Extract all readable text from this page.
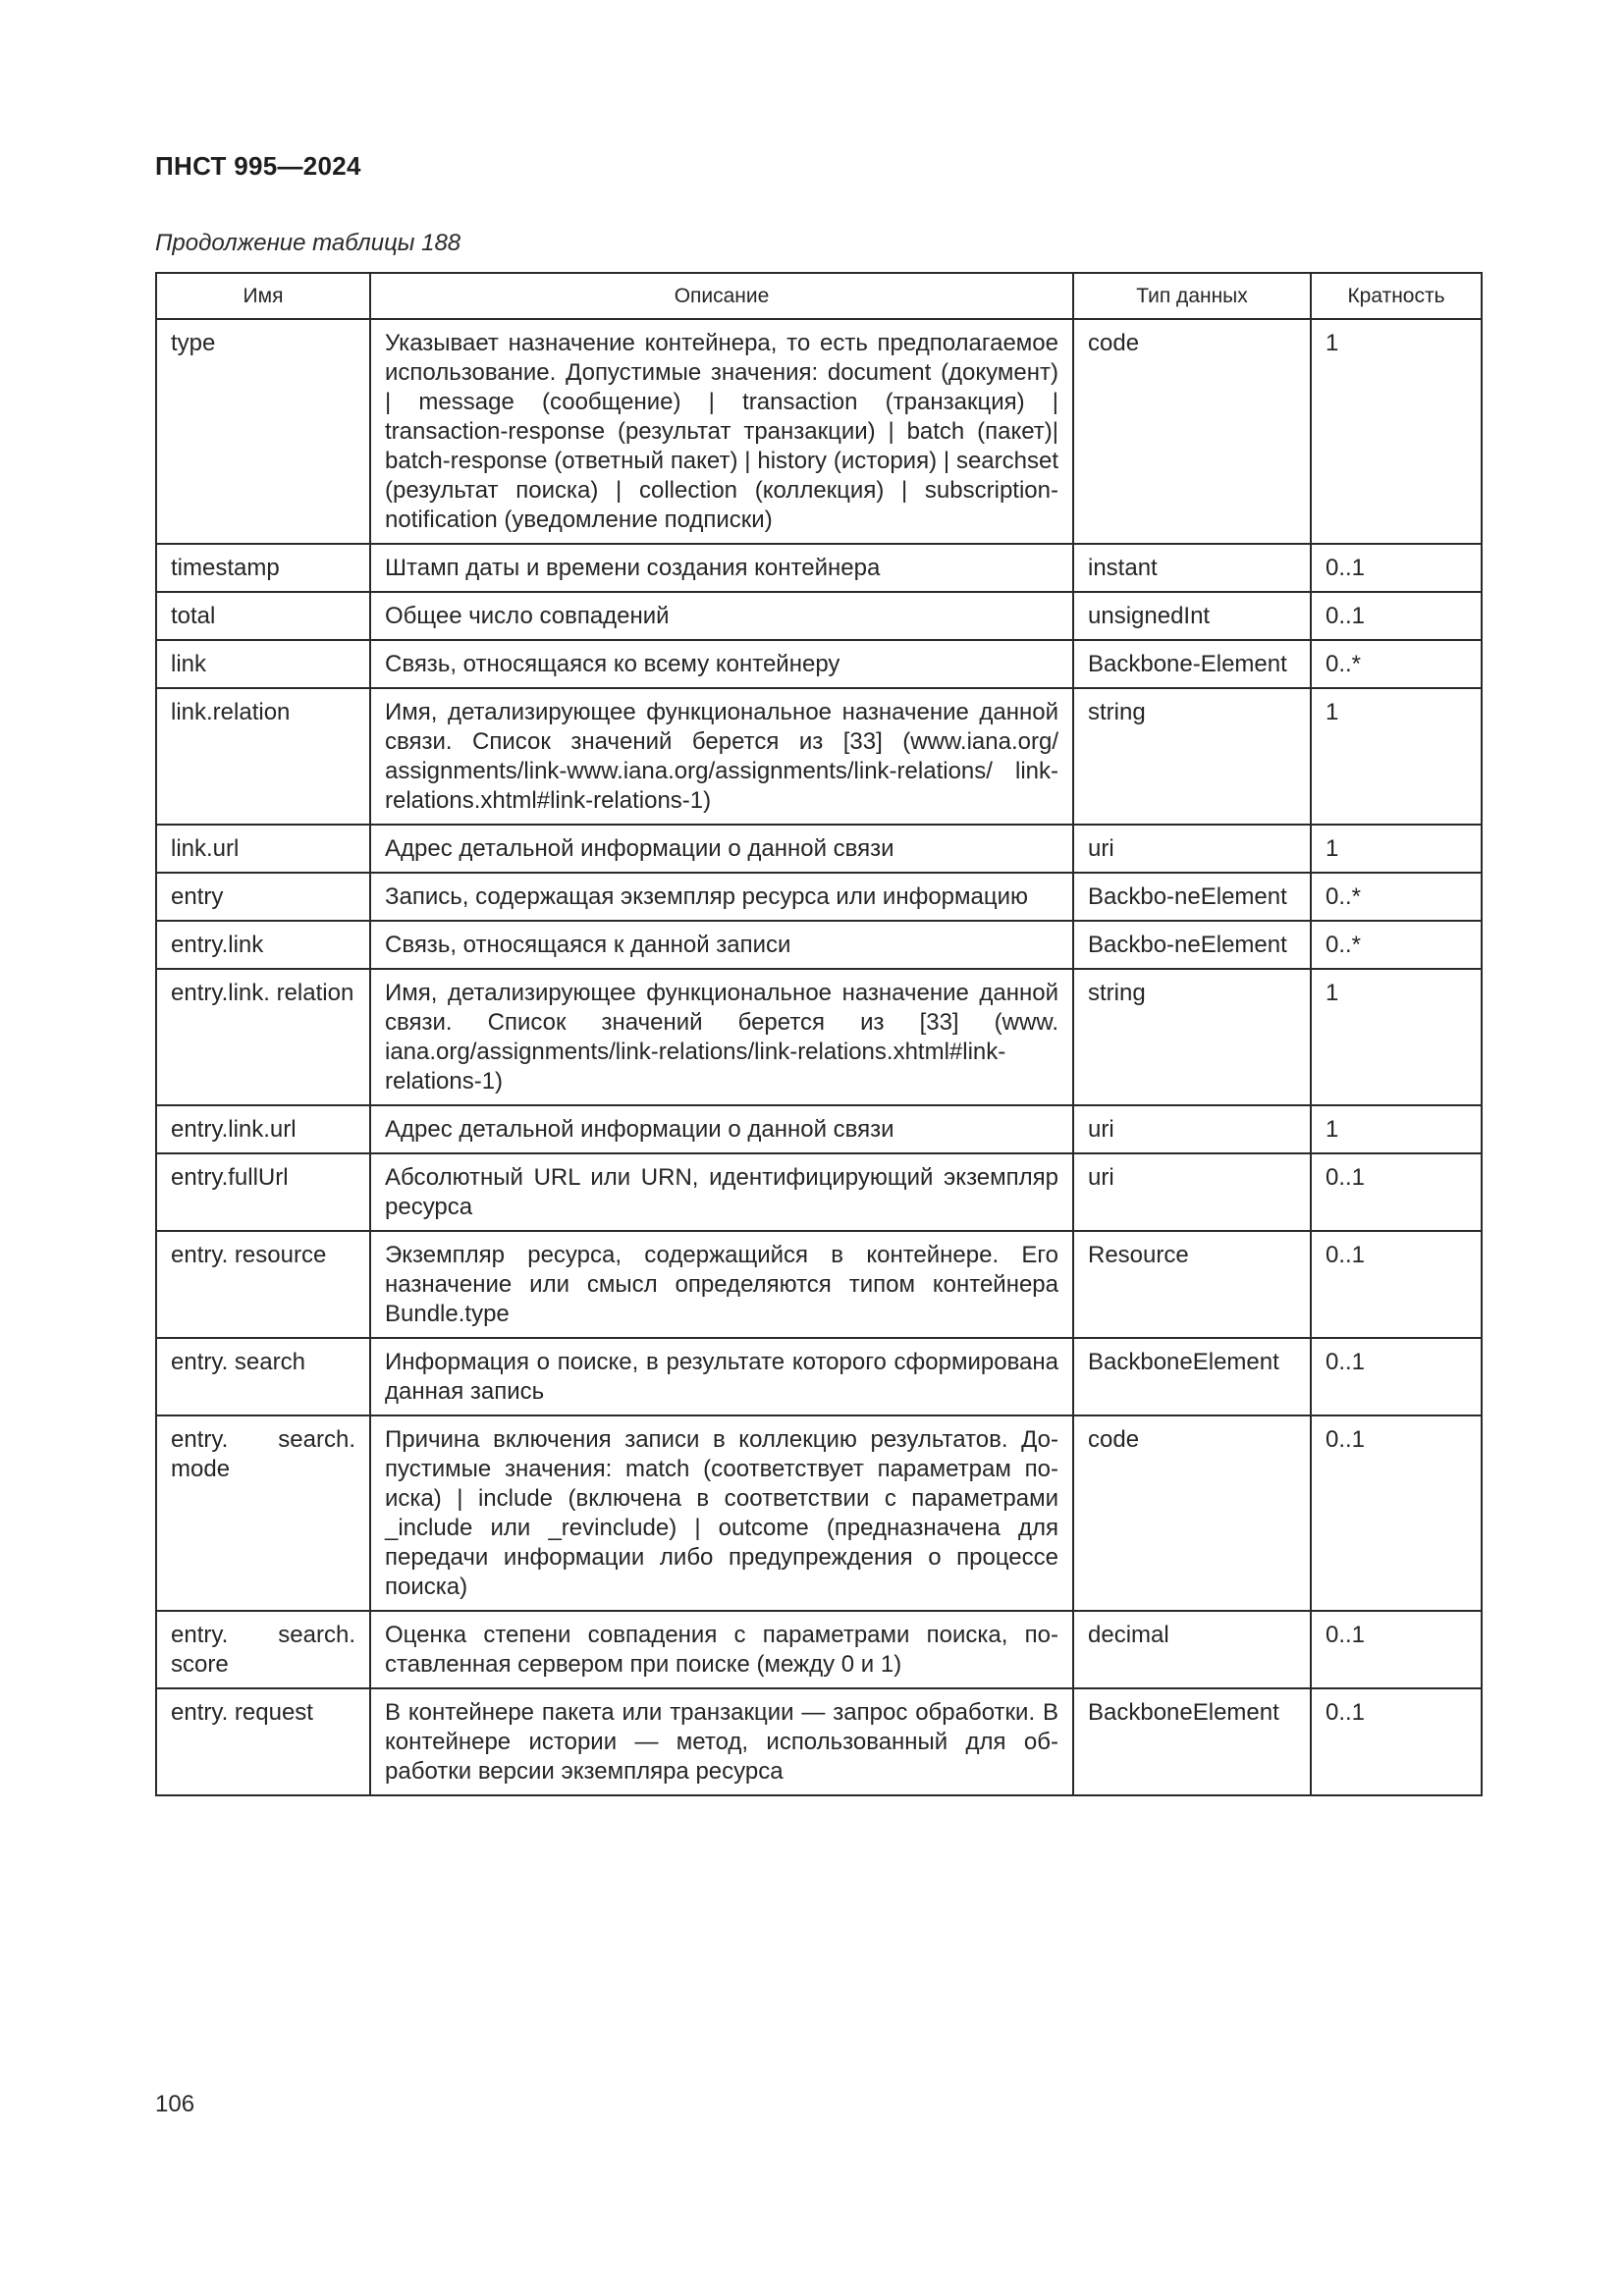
ПНСТ 995—2024
Продолжение таблицы 188
Имя	Описание	Тип данных	Кратность
type	Указывает назначение контейнера, то есть предполагаемое использование. Допустимые значения: document (документ) | message (сообщение) | transaction (транзакция) | transaction-response (результат транзакции) | batch (пакет)| batch-response (ответный пакет) | history (история) | searchset (результат поиска) | collection (коллекция) | subscription-notification (уведомление подписки)	code	1
timestamp	Штамп даты и времени создания контейнера	instant	0..1
total	Общее число совпадений	unsignedInt	0..1
link	Связь, относящаяся ко всему контейнеру	Backbone-Element	0..*
link.relation	Имя, детализирующее функциональное назначение данной связи. Список значений берется из [33] (www.iana.org/ assignments/link-www.iana.org/assignments/link-relations/ link-relations.xhtml#link-relations-1)	string	1
link.url	Адрес детальной информации о данной связи	uri	1
entry	Запись, содержащая экземпляр ресурса или информацию	Backbo-neElement	0..*
entry.link	Связь, относящаяся к данной записи	Backbo-neElement	0..*
entry.link. relation	Имя, детализирующее функциональное назначение данной связи. Список значений берется из [33] (www. iana.org/assignments/link-relations/link-relations.xhtml#link-relations-1)	string	1
entry.link.url	Адрес детальной информации о данной связи	uri	1
entry.fullUrl	Абсолютный URL или URN, идентифицирующий экземпляр ресурса	uri	0..1
entry. resource	Экземпляр ресурса, содержащийся в контейнере. Его назначение или смысл определяются типом контейнера Bundle.type	Resource	0..1
entry. search	Информация о поиске, в результате которого сформирована данная запись	BackboneElement	0..1
entry. search. mode	Причина включения записи в коллекцию результатов. Допустимые значения: match (соответствует параметрам поиска) | include (включена в соответствии с параметрами _include или _revinclude) | outcome (предназначена для передачи информации либо предупреждения о процессе поиска)	code	0..1
entry. search. score	Оценка степени совпадения с параметрами поиска, поставленная сервером при поиске (между 0 и 1)	decimal	0..1
entry. request	В контейнере пакета или транзакции — запрос обработки. В контейнере истории — метод, использованный для обработки версии экземпляра ресурса	BackboneElement	0..1
106
